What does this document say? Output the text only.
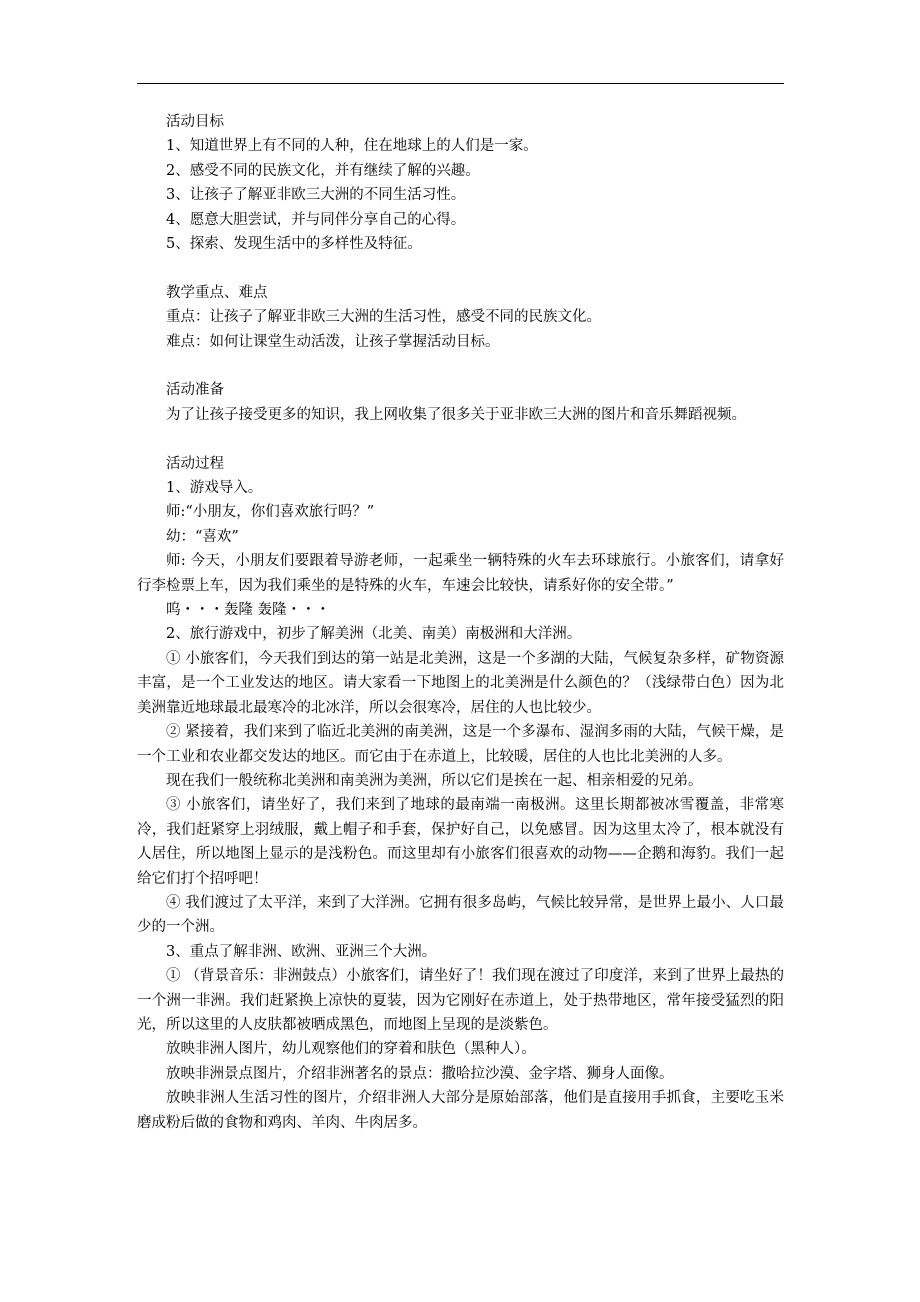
活动目标

1、知道世界上有不同的人种，住在地球上的人们是一家。

2、感受不同的民族文化，并有继续了解的兴趣。

3、让孩子了解亚非欧三大洲的不同生活习性。

4、愿意大胆尝试，并与同伴分享自己的心得。

5、探索、发现生活中的多样性及特征。

教学重点、难点

重点：让孩子了解亚非欧三大洲的生活习性，感受不同的民族文化。

难点：如何让课堂生动活泼，让孩子掌握活动目标。

活动准备

为了让孩子接受更多的知识，我上网收集了很多关于亚非欧三大洲的图片和音乐舞蹈视频。

活动过程

1、游戏导入。

师:“小朋友，你们喜欢旅行吗？”

幼：“喜欢”

师: 今天，小朋友们要跟着导游老师，一起乘坐一辆特殊的火车去环球旅行。小旅客们，请拿好行李检票上车，因为我们乘坐的是特殊的火车，车速会比较快，请系好你的安全带。”

呜・・・轰隆 轰隆・・・

2、旅行游戏中，初步了解美洲（北美、南美）南极洲和大洋洲。

① 小旅客们，今天我们到达的第一站是北美洲，这是一个多湖的大陆，气候复杂多样，矿物资源丰富，是一个工业发达的地区。请大家看一下地图上的北美洲是什么颜色的？（浅绿带白色）因为北美洲靠近地球最北最寒冷的北冰洋，所以会很寒冷，居住的人也比较少。

② 紧接着，我们来到了临近北美洲的南美洲，这是一个多瀑布、湿润多雨的大陆，气候干燥，是一个工业和农业都交发达的地区。而它由于在赤道上，比较暖，居住的人也比北美洲的人多。

现在我们一般统称北美洲和南美洲为美洲，所以它们是挨在一起、相亲相爱的兄弟。

③ 小旅客们，请坐好了，我们来到了地球的最南端一南极洲。这里长期都被冰雪覆盖，非常寒冷，我们赶紧穿上羽绒服，戴上帽子和手套，保护好自己，以免感冒。因为这里太冷了，根本就没有人居住，所以地图上显示的是浅粉色。而这里却有小旅客们很喜欢的动物——企鹅和海豹。我们一起给它们打个招呼吧！

④ 我们渡过了太平洋，来到了大洋洲。它拥有很多岛屿，气候比较异常，是世界上最小、人口最少的一个洲。

3、重点了解非洲、欧洲、亚洲三个大洲。

① （背景音乐：非洲鼓点）小旅客们，请坐好了！我们现在渡过了印度洋，来到了世界上最热的一个洲一非洲。我们赶紧换上凉快的夏装，因为它刚好在赤道上，处于热带地区，常年接受猛烈的阳光，所以这里的人皮肤都被晒成黑色，而地图上呈现的是淡紫色。

放映非洲人图片，幼儿观察他们的穿着和肤色（黑种人）。

放映非洲景点图片，介绍非洲著名的景点：撒哈拉沙漠、金字塔、狮身人面像。

放映非洲人生活习性的图片，介绍非洲人大部分是原始部落，他们是直接用手抓食，主要吃玉米磨成粉后做的食物和鸡肉、羊肉、牛肉居多。
